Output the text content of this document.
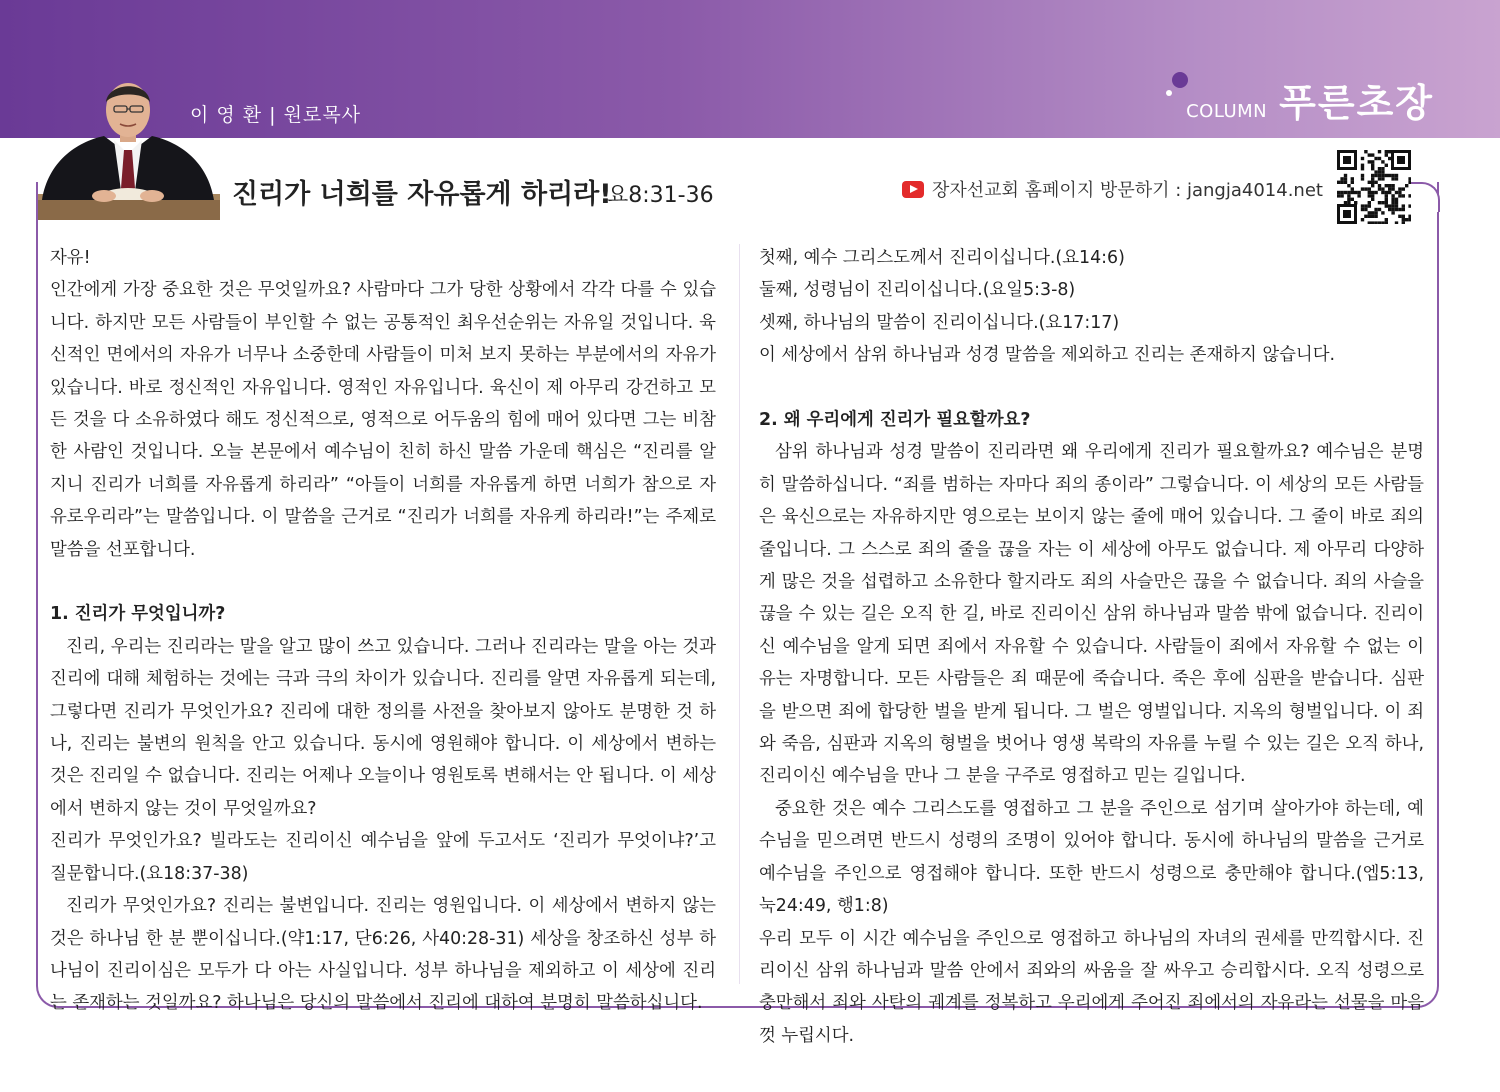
이 영 환 | 원로목사	COLUMN 푸른초장
진리가 너희를 자유롭게 하리라!
요8:31-36	장자선교회 홈페이지 방문하기 : jangja4014.net

자유!

인간에게 가장 중요한 것은 무엇일까요? 사람마다 그가 당한 상황에서 각각 다를 수 있습니다. 하지만 모든 사람들이 부인할 수 없는 공통적인 최우선순위는 자유일 것입니다. 육신적인 면에서의 자유가 너무나 소중한데 사람들이 미처 보지 못하는 부분에서의 자유가 있습니다. 바로 정신적인 자유입니다. 영적인 자유입니다. 육신이 제 아무리 강건하고 모든 것을 다 소유하였다 해도 정신적으로, 영적으로 어두움의 힘에 매어 있다면 그는 비참한 사람인 것입니다. 오늘 본문에서 예수님이 친히 하신 말씀 가운데 핵심은 “진리를 알지니 진리가 너희를 자유롭게 하리라” “아들이 너희를 자유롭게 하면 너희가 참으로 자유로우리라”는 말씀입니다. 이 말씀을 근거로 “진리가 너희를 자유케 하리라!”는 주제로 말씀을 선포합니다.

1. 진리가 무엇입니까?

진리, 우리는 진리라는 말을 알고 많이 쓰고 있습니다. 그러나 진리라는 말을 아는 것과 진리에 대해 체험하는 것에는 극과 극의 차이가 있습니다. 진리를 알면 자유롭게 되는데, 그렇다면 진리가 무엇인가요? 진리에 대한 정의를 사전을 찾아보지 않아도 분명한 것 하나, 진리는 불변의 원칙을 안고 있습니다. 동시에 영원해야 합니다. 이 세상에서 변하는 것은 진리일 수 없습니다. 진리는 어제나 오늘이나 영원토록 변해서는 안 됩니다. 이 세상에서 변하지 않는 것이 무엇일까요?

진리가 무엇인가요? 빌라도는 진리이신 예수님을 앞에 두고서도 ‘진리가 무엇이냐?’고 질문합니다.(요18:37-38)

진리가 무엇인가요? 진리는 불변입니다. 진리는 영원입니다. 이 세상에서 변하지 않는 것은 하나님 한 분 뿐이십니다.(약1:17, 단6:26, 사40:28-31) 세상을 창조하신 성부 하나님이 진리이심은 모두가 다 아는 사실입니다. 성부 하나님을 제외하고 이 세상에 진리는 존재하는 것일까요? 하나님은 당신의 말씀에서 진리에 대하여 분명히 말씀하십니다.

첫째, 예수 그리스도께서 진리이십니다.(요14:6)

둘째, 성령님이 진리이십니다.(요일5:3-8)

셋째, 하나님의 말씀이 진리이십니다.(요17:17)

이 세상에서 삼위 하나님과 성경 말씀을 제외하고 진리는 존재하지 않습니다.

2. 왜 우리에게 진리가 필요할까요?

삼위 하나님과 성경 말씀이 진리라면 왜 우리에게 진리가 필요할까요? 예수님은 분명히 말씀하십니다. “죄를 범하는 자마다 죄의 종이라” 그렇습니다. 이 세상의 모든 사람들은 육신으로는 자유하지만 영으로는 보이지 않는 줄에 매어 있습니다. 그 줄이 바로 죄의 줄입니다. 그 스스로 죄의 줄을 끊을 자는 이 세상에 아무도 없습니다. 제 아무리 다양하게 많은 것을 섭렵하고 소유한다 할지라도 죄의 사슬만은 끊을 수 없습니다. 죄의 사슬을 끊을 수 있는 길은 오직 한 길, 바로 진리이신 삼위 하나님과 말씀 밖에 없습니다. 진리이신 예수님을 알게 되면 죄에서 자유할 수 있습니다. 사람들이 죄에서 자유할 수 없는 이유는 자명합니다. 모든 사람들은 죄 때문에 죽습니다. 죽은 후에 심판을 받습니다. 심판을 받으면 죄에 합당한 벌을 받게 됩니다. 그 벌은 영벌입니다. 지옥의 형벌입니다. 이 죄와 죽음, 심판과 지옥의 형벌을 벗어나 영생 복락의 자유를 누릴 수 있는 길은 오직 하나, 진리이신 예수님을 만나 그 분을 구주로 영접하고 믿는 길입니다.

중요한 것은 예수 그리스도를 영접하고 그 분을 주인으로 섬기며 살아가야 하는데, 예수님을 믿으려면 반드시 성령의 조명이 있어야 합니다. 동시에 하나님의 말씀을 근거로 예수님을 주인으로 영접해야 합니다. 또한 반드시 성령으로 충만해야 합니다.(엡5:13, 눅24:49, 행1:8)

우리 모두 이 시간 예수님을 주인으로 영접하고 하나님의 자녀의 권세를 만끽합시다. 진리이신 삼위 하나님과 말씀 안에서 죄와의 싸움을 잘 싸우고 승리합시다. 오직 성령으로 충만해서 죄와 사탄의 궤계를 정복하고 우리에게 주어진 죄에서의 자유라는 선물을 마음껏 누립시다.
